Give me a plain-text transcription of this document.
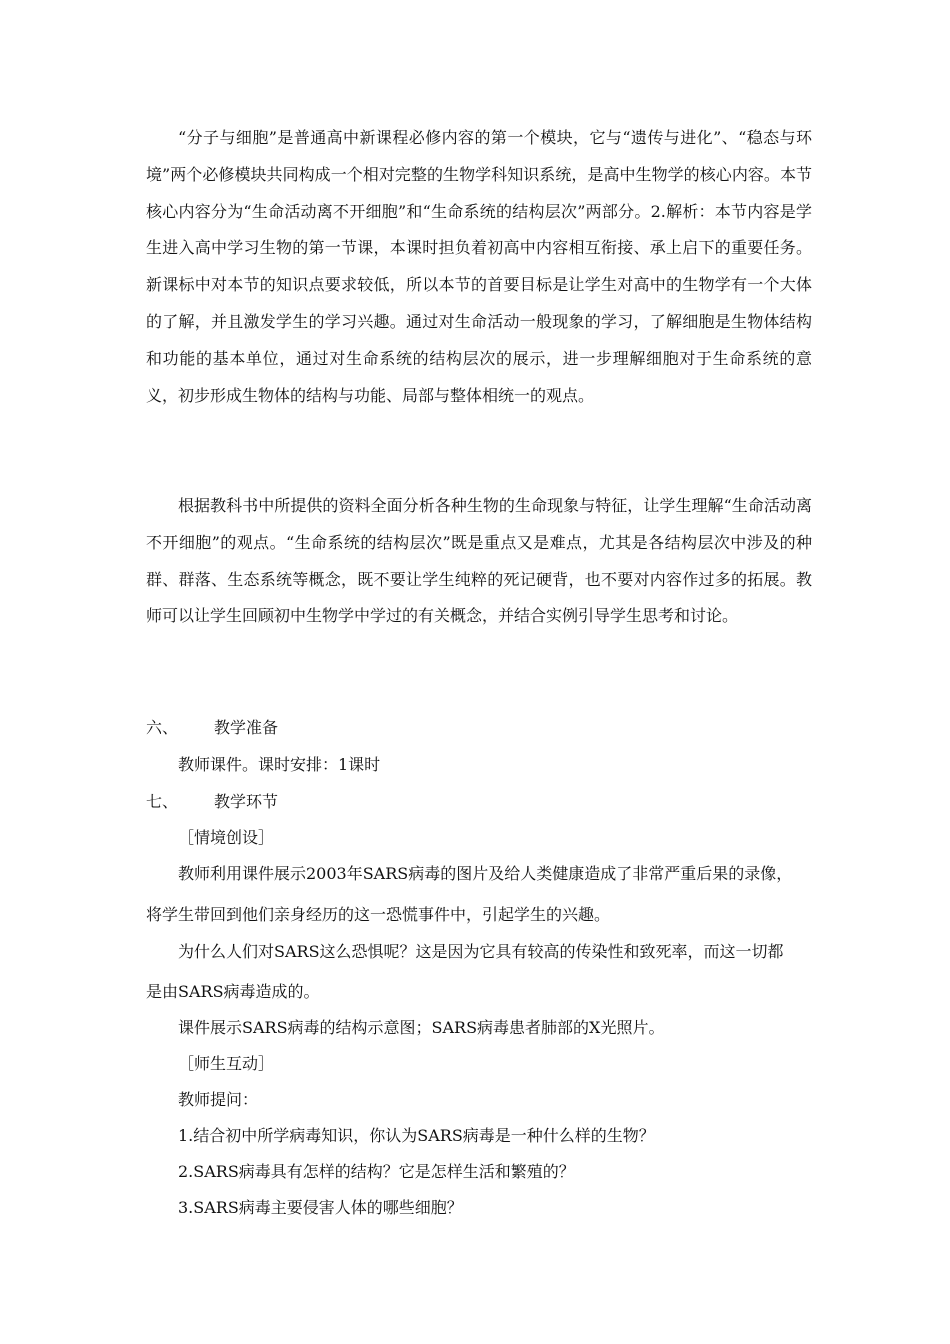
“分子与细胞”是普通高中新课程必修内容的第一个模块，它与“遗传与进化”、“稳态与环境”两个必修模块共同构成一个相对完整的生物学科知识系统，是高中生物学的核心内容。本节核心内容分为“生命活动离不开细胞”和“生命系统的结构层次”两部分。2.解析：本节内容是学生进入高中学习生物的第一节课，本课时担负着初高中内容相互衔接、承上启下的重要任务。新课标中对本节的知识点要求较低，所以本节的首要目标是让学生对高中的生物学有一个大体的了解，并且激发学生的学习兴趣。通过对生命活动一般现象的学习，了解细胞是生物体结构和功能的基本单位，通过对生命系统的结构层次的展示，进一步理解细胞对于生命系统的意义，初步形成生物体的结构与功能、局部与整体相统一的观点。

根据教科书中所提供的资料全面分析各种生物的生命现象与特征，让学生理解“生命活动离不开细胞”的观点。“生命系统的结构层次”既是重点又是难点，尤其是各结构层次中涉及的种群、群落、生态系统等概念，既不要让学生纯粹的死记硬背，也不要对内容作过多的拓展。教师可以让学生回顾初中生物学中学过的有关概念，并结合实例引导学生思考和讨论。

六、 教学准备
教师课件。课时安排：1课时
七、 教学环节
［情境创设］
教师利用课件展示2003年SARS病毒的图片及给人类健康造成了非常严重后果的录像，
将学生带回到他们亲身经历的这一恐慌事件中，引起学生的兴趣。
为什么人们对SARS这么恐惧呢？这是因为它具有较高的传染性和致死率，而这一切都
是由SARS病毒造成的。
课件展示SARS病毒的结构示意图；SARS病毒患者肺部的X光照片。
［师生互动］
教师提问：
1.结合初中所学病毒知识，你认为SARS病毒是一种什么样的生物？
2.SARS病毒具有怎样的结构？它是怎样生活和繁殖的？
3.SARS病毒主要侵害人体的哪些细胞？
